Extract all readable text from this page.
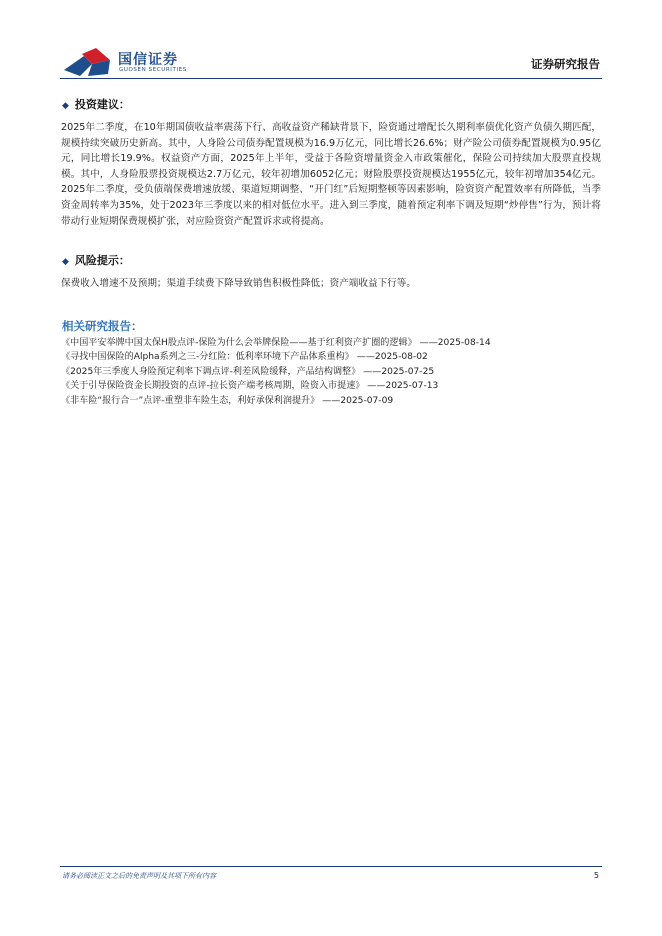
国信证券
GUOSEN SECURITIES	证券研究报告
◆ 投资建议：
2025年二季度，在10年期国债收益率震荡下行、高收益资产稀缺背景下，险资通过增配长久期利率债优化资产负债久期匹配，规模持续突破历史新高。其中，人身险公司债券配置规模为16.9万亿元，同比增长26.6%；财产险公司债券配置规模为0.95亿元，同比增长19.9%。权益资产方面，2025年上半年，受益于各险资增量资金入市政策催化，保险公司持续加大股票直投规模。其中，人身险股票投资规模达2.7万亿元，较年初增加6052亿元；财险股票投资规模达1955亿元，较年初增加354亿元。2025年二季度，受负债端保费增速放缓、渠道短期调整、“开门红”后短期整顿等因素影响，险资资产配置效率有所降低，当季资金周转率为35%，处于2023年三季度以来的相对低位水平。进入到三季度，随着预定利率下调及短期“炒停售”行为，预计将带动行业短期保费规模扩张，对应险资资产配置诉求或将提高。
◆ 风险提示：
保费收入增速不及预期；渠道手续费下降导致销售积极性降低；资产端收益下行等。
相关研究报告：
《中国平安举牌中国太保H股点评-保险为什么会举牌保险——基于红利资产扩圈的逻辑》 ——2025-08-14
《寻找中国保险的Alpha系列之三-分红险：低利率环境下产品体系重构》 ——2025-08-02
《2025年三季度人身险预定利率下调点评-利差风险缓释，产品结构调整》 ——2025-07-25
《关于引导保险资金长期投资的点评-拉长资产端考核周期，险资入市提速》 ——2025-07-13
《非车险“报行合一”点评-重塑非车险生态，利好承保利润提升》 ——2025-07-09
请务必阅读正文之后的免责声明及其项下所有内容	5
